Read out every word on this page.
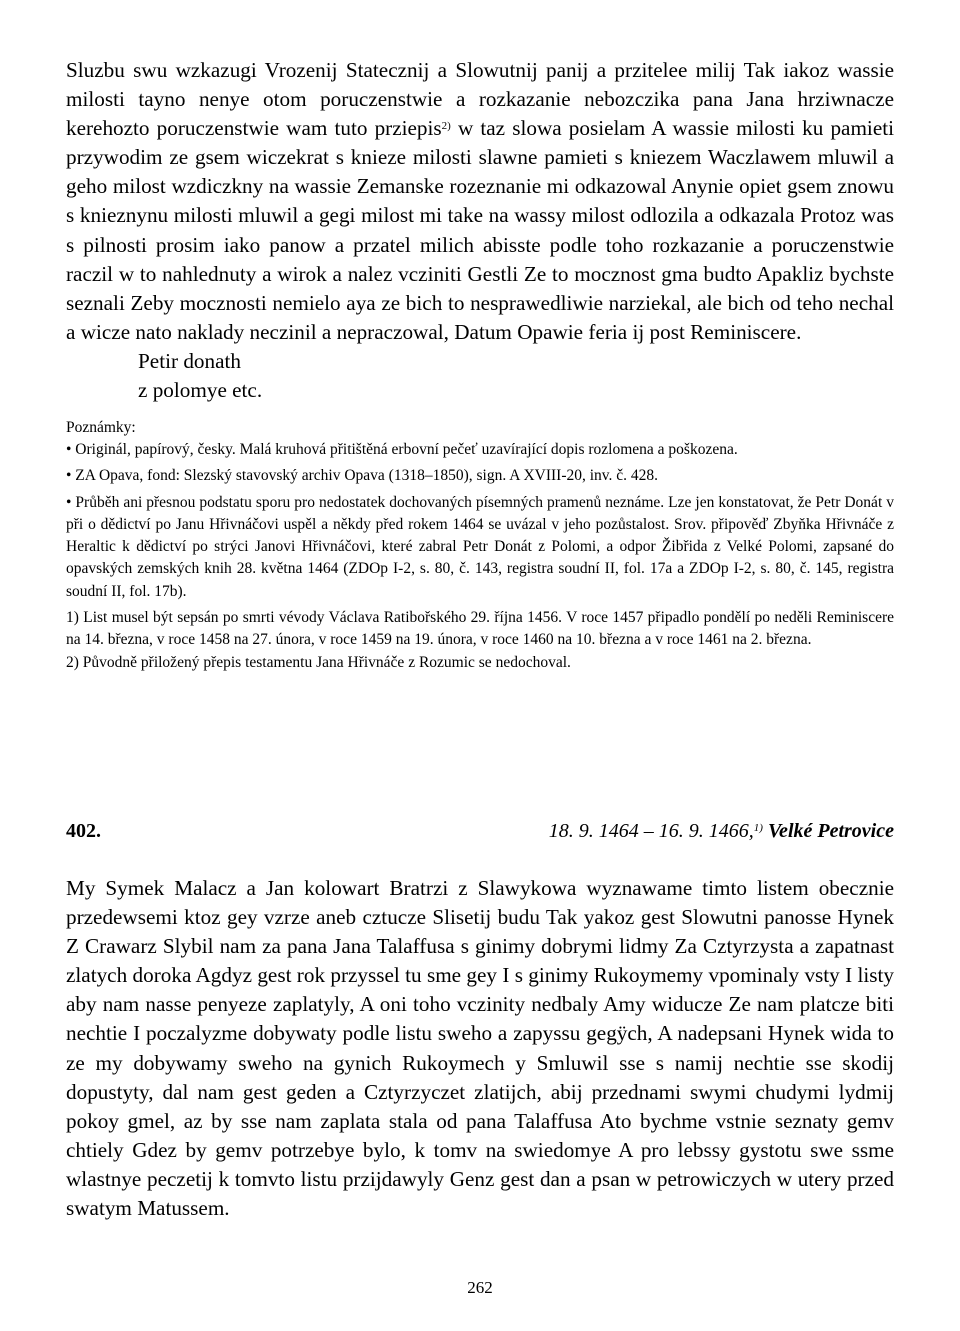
Sluzbu swu wzkazugi Vrozenij Statecznij a Slowutnij panij a przitelee milij Tak iakoz wassie milosti tayno nenye otom poruczenstwie a rozkazanie nebozczika pana Jana hrziwnacze kerehozto poruczenstwie wam tuto prziepis$^{2)}$ w taz slowa posielam A wassie milosti ku pamieti przywodim ze gsem wiczekrat s knieze milosti slawne pamieti s kniezem Waczlawem mluwil a geho milost wzdiczkny na wassie Zemanske rozeznanie mi odkazowal Anynie opiet gsem znowu s knieznynu milosti mluwil a gegi milost mi take na wassy milost odlozila a odkazala Protoz was s pilnosti prosim iako panow a przatel milich abisste podle toho rozkazanie a poruczenstwie raczil w to nahlednuty a wirok a nalez vcziniti Gestli Ze to mocznost gma budto Apakliz bychste seznali Zeby mocznosti nemielo aya ze bich to nesprawedliwie narziekal, ale bich od teho nechal a wicze nato naklady neczinil a nepraczowal, Datum Opawie feria ij post Reminiscere.

Petir donath

z polomye etc.

Poznámky:

• Originál, papírový, česky. Malá kruhová přitištěná erbovní pečeť uzavírající dopis rozlomena a poškozena.

• ZA Opava, fond: Slezský stavovský archiv Opava (1318–1850), sign. A XVIII-20, inv. č. 428.

• Průběh ani přesnou podstatu sporu pro nedostatek dochovaných písemných pramenů neznáme. Lze jen konstatovat, že Petr Donát v při o dědictví po Janu Hřivnáčovi uspěl a někdy před rokem 1464 se uvázal v jeho pozůstalost. Srov. připověď Zbyňka Hřivnáče z Heraltic k dědictví po strýci Janovi Hřivnáčovi, které zabral Petr Donát z Polomi, a odpor Žibřida z Velké Polomi, zapsané do opavských zemských knih 28. května 1464 (ZDOp I-2, s. 80, č. 143, registra soudní II, fol. 17a a ZDOp I-2, s. 80, č. 145, registra soudní II, fol. 17b).

1) List musel být sepsán po smrti vévody Václava Ratibořského 29. října 1456. V roce 1457 připadlo pondělí po neděli Reminiscere na 14. března, v roce 1458 na 27. února, v roce 1459 na 19. února, v roce 1460 na 10. března a v roce 1461 na 2. března.

2) Původně přiložený přepis testamentu Jana Hřivnáče z Rozumic se nedochoval.

402.	18. 9. 1464 – 16. 9. 1466,$^{1)}$ Velké Petrovice

My Symek Malacz a Jan kolowart Bratrzi z Slawykowa wyznawame timto listem obecznie przedewsemi ktoz gey vzrze aneb cztucze Slisetij budu Tak yakoz gest Slowutni panosse Hynek Z Crawarz Slybil nam za pana Jana Talaffusa s ginimy dobrymi lidmy Za Cztyrzysta a zapatnast zlatych doroka Agdyz gest rok przyssel tu sme gey I s ginimy Rukoymemy vpominaly vsty I listy aby nam nasse penyeze zaplatyly, A oni toho vczinity nedbaly Amy widucze Ze nam platcze biti nechtie I poczalyzme dobywaty podle listu sweho a zapyssu gegÿch, A nadepsani Hynek wida to ze my dobywamy sweho na gynich Rukoymech y Smluwil sse s namij nechtie sse skodij dopustyty, dal nam gest geden a Cztyrzyczet zlatijch, abij przednami swymi chudymi lydmij pokoy gmel, az by sse nam zaplata stala od pana Talaffusa Ato bychme vstnie seznaty gemv chtiely Gdez by gemv potrzebye bylo, k tomv na swiedomye A pro lebssy gystotu swe ssme wlastnye peczetij k tomvto listu przijdawyly Genz gest dan a psan w petrowiczych w utery przed swatym Matussem.

262
